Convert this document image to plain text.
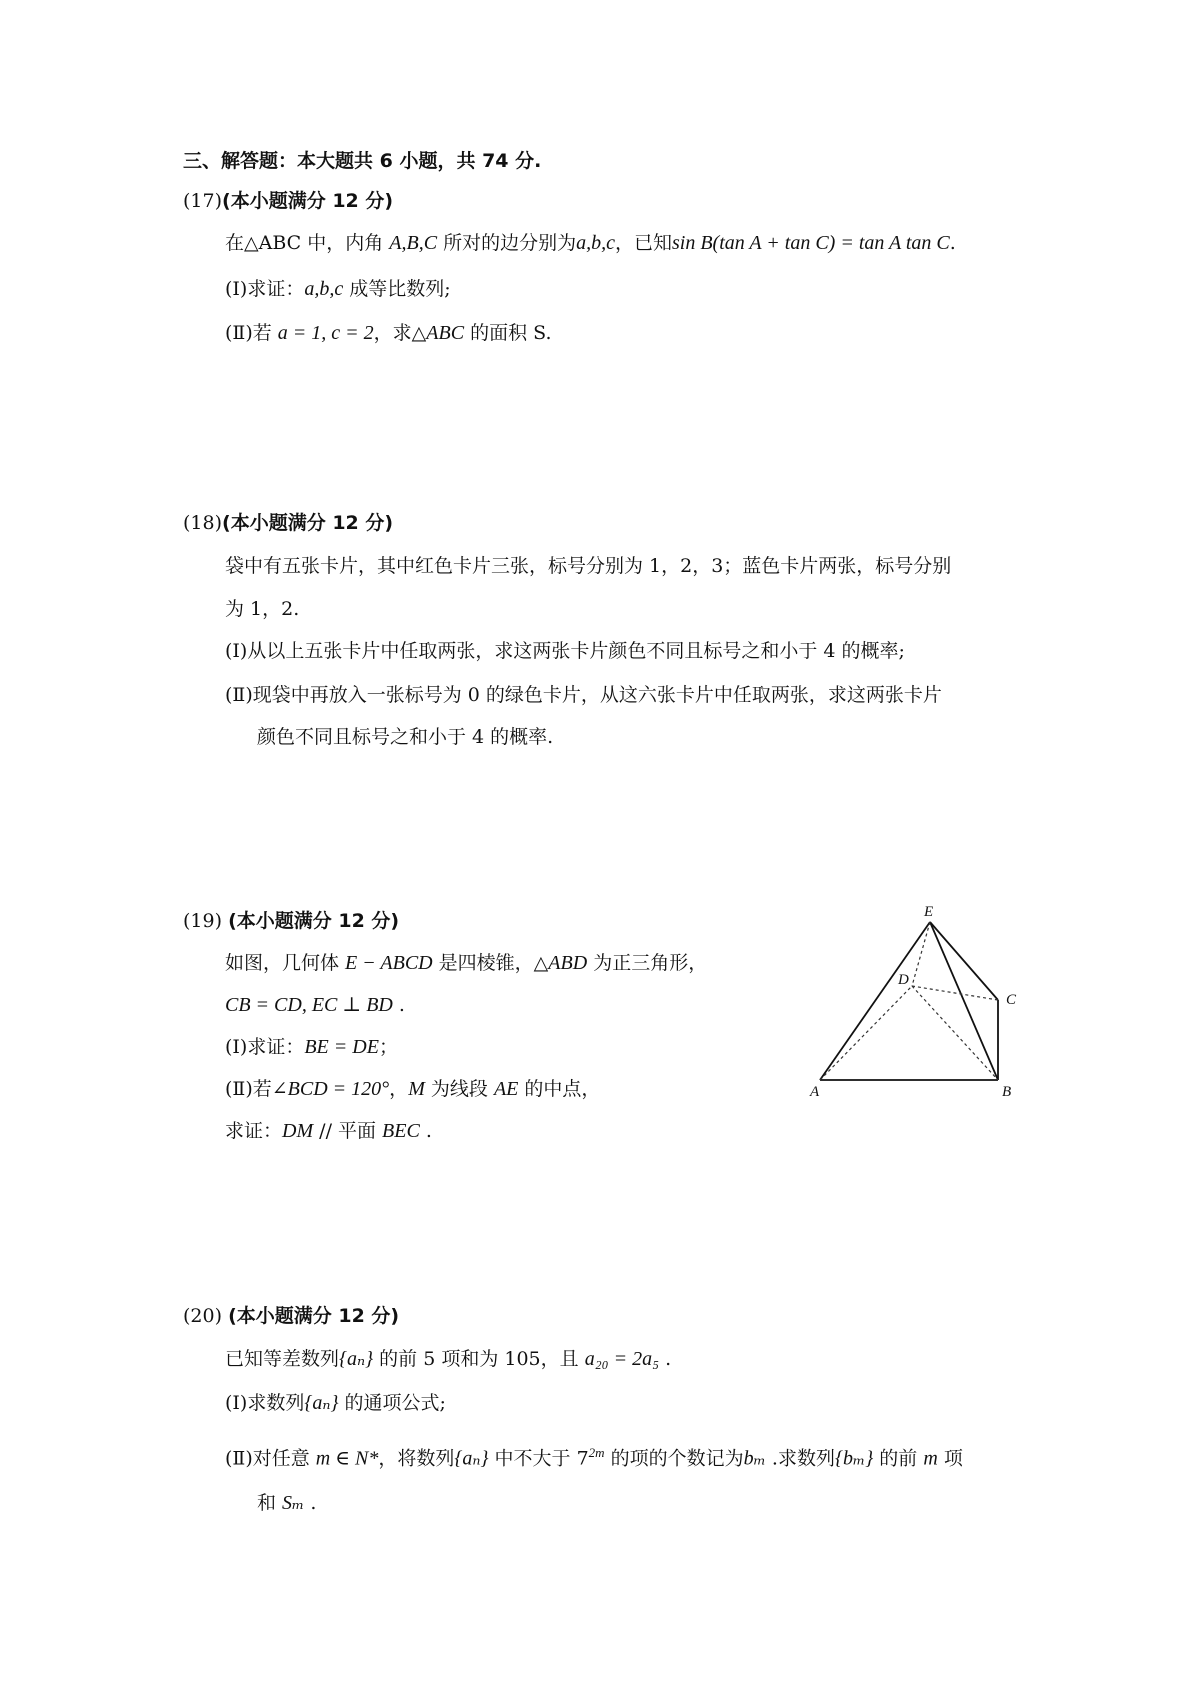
三、解答题：本大题共 6 小题，共 74 分.
(17)(本小题满分 12 分)
在△ABC 中，内角 A,B,C 所对的边分别为a,b,c，已知sin B(tan A + tan C) = tan A tan C.
(Ⅰ)求证：a,b,c 成等比数列;
(Ⅱ)若 a = 1, c = 2，求△ABC 的面积 S.
(18)(本小题满分 12 分)
袋中有五张卡片，其中红色卡片三张，标号分别为 1，2，3；蓝色卡片两张，标号分别
为 1，2.
(Ⅰ)从以上五张卡片中任取两张，求这两张卡片颜色不同且标号之和小于 4 的概率;
(Ⅱ)现袋中再放入一张标号为 0 的绿色卡片，从这六张卡片中任取两张，求这两张卡片
颜色不同且标号之和小于 4 的概率.
(19) (本小题满分 12 分)
如图，几何体 E − ABCD 是四棱锥，△ABD 为正三角形，
CB = CD, EC ⊥ BD .
(Ⅰ)求证：BE = DE；
(Ⅱ)若∠BCD = 120°，M 为线段 AE 的中点，
求证：DM // 平面 BEC .
E
D
C
A	B
(20) (本小题满分 12 分)
已知等差数列{aₙ} 的前 5 项和为 105，且 a₂₀ = 2a₅ .
(Ⅰ)求数列{aₙ} 的通项公式;
(Ⅱ)对任意 m ∈ N*，将数列{aₙ} 中不大于 $7^{2m}$ 的项的个数记为bₘ .求数列{bₘ} 的前 m 项
和 Sₘ .
